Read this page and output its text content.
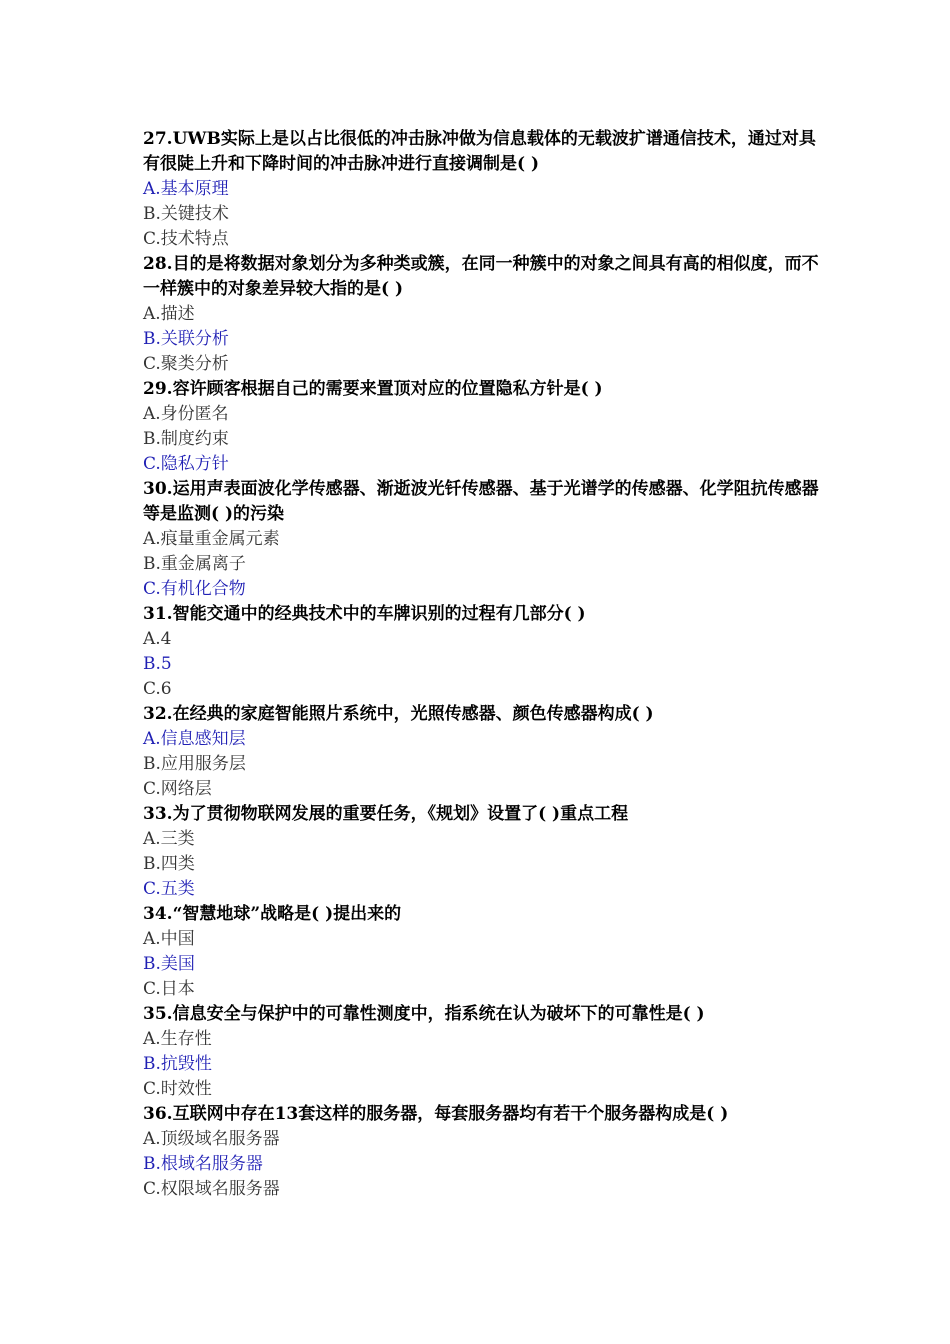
27.UWB实际上是以占比很低的冲击脉冲做为信息载体的无载波扩谱通信技术，通过对具有很陡上升和下降时间的冲击脉冲进行直接调制是( )

A.基本原理

B.关键技术

C.技术特点

28.目的是将数据对象划分为多种类或簇，在同一种簇中的对象之间具有高的相似度，而不一样簇中的对象差异较大指的是( )

A.描述

B.关联分析

C.聚类分析

29.容许顾客根据自己的需要来置顶对应的位置隐私方针是( )

A.身份匿名

B.制度约束

C.隐私方针

30.运用声表面波化学传感器、渐逝波光钎传感器、基于光谱学的传感器、化学阻抗传感器等是监测( )的污染

A.痕量重金属元素

B.重金属离子

C.有机化合物

31.智能交通中的经典技术中的车牌识别的过程有几部分( )

A.4

B.5

C.6

32.在经典的家庭智能照片系统中，光照传感器、颜色传感器构成( )

A.信息感知层

B.应用服务层

C.网络层

33.为了贯彻物联网发展的重要任务，《规划》设置了( )重点工程

A.三类

B.四类

C.五类

34.“智慧地球”战略是( )提出来的

A.中国

B.美国

C.日本

35.信息安全与保护中的可靠性测度中，指系统在认为破坏下的可靠性是( )

A.生存性

B.抗毁性

C.时效性

36.互联网中存在13套这样的服务器，每套服务器均有若干个服务器构成是( )

A.顶级域名服务器

B.根域名服务器

C.权限域名服务器
